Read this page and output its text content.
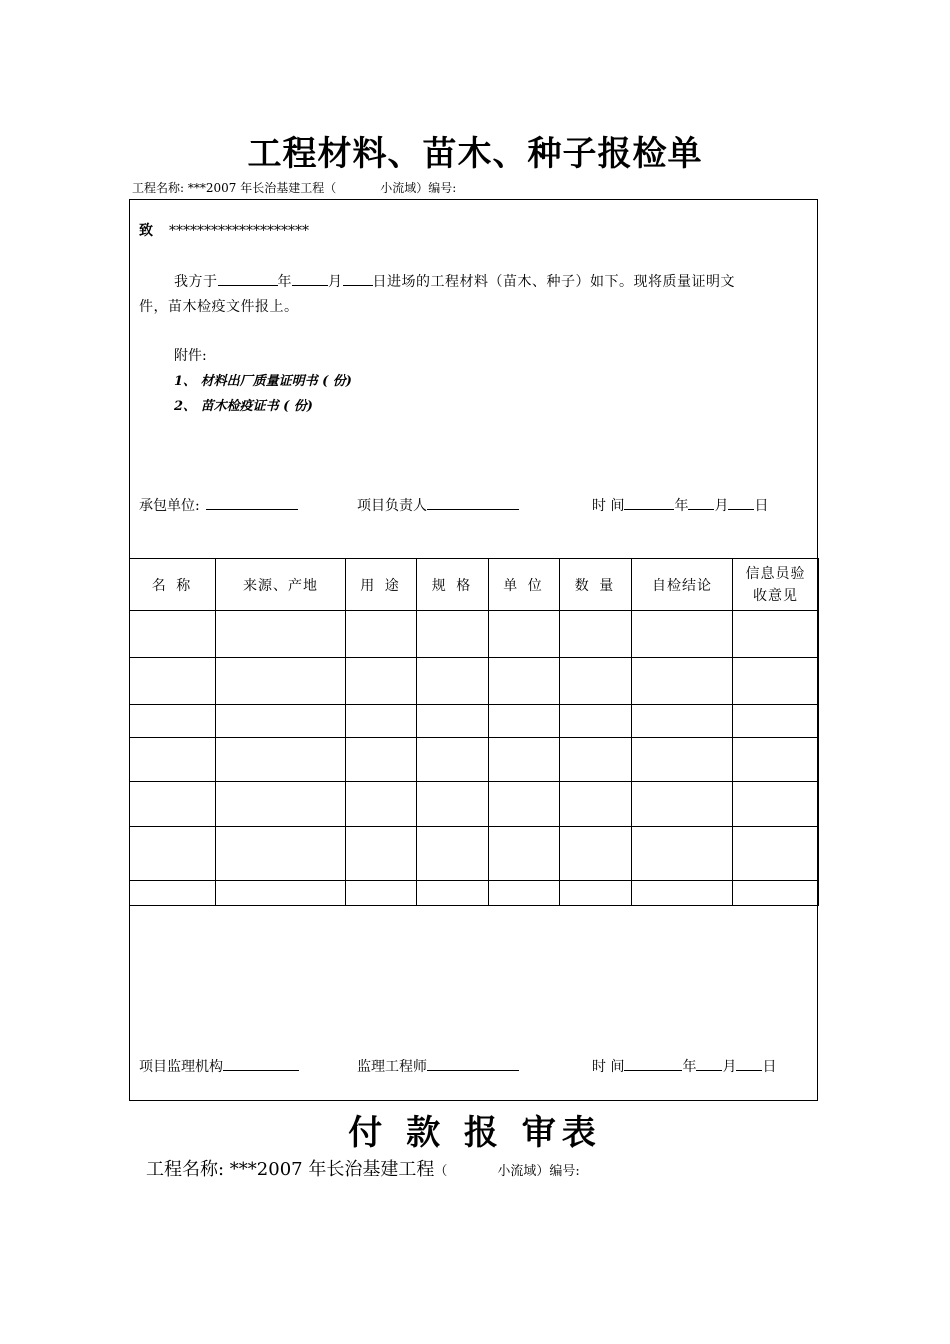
工程材料、苗木、种子报检单
工程名称: ***2007 年长治基建工程（	小流域）编号:
致 ********************
我方于	年	月 日进场的工程材料（苗木、种子）如下。现将质量证明文
件，苗木检疫文件报上。
附件:
1、 材料出厂质量证明书 ( 份)
2、 苗木检疫证书 ( 份)
承包单位:	项目负责人	时 间	年 月 日
名 称	来源、产地	用 途	规 格	单 位	数 量	自检结论	信息员验收意见

项目监理机构	监理工程师	时 间	年 月 日
付 款 报 审表
工程名称: ***2007 年长治基建工程（	小流域）编号:
